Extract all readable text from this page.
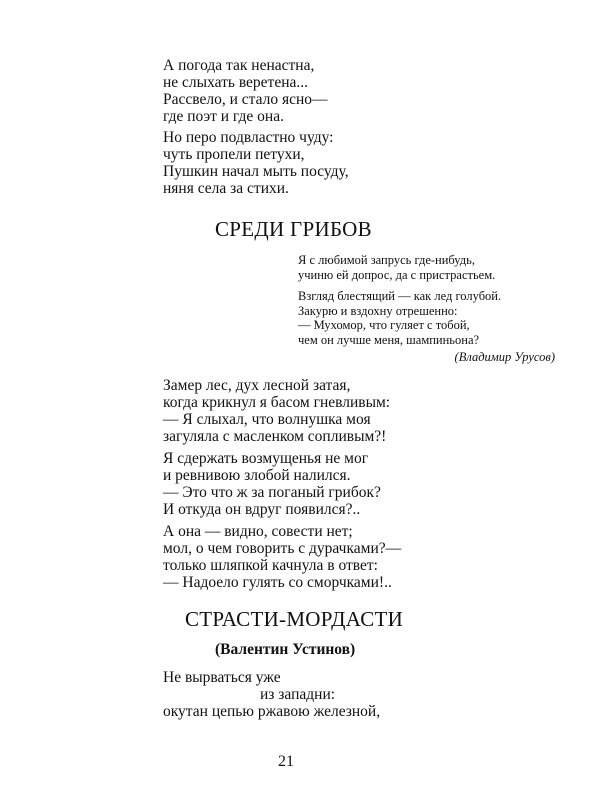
А погода так ненастна,
не слыхать веретена...
Рассвело, и стало ясно—
где поэт и где она.
Но перо подвластно чуду:
чуть пропели петухи,
Пушкин начал мыть посуду,
няня села за стихи.
СРЕДИ ГРИБОВ
Я с любимой запрусь где-нибудь,
учиню ей допрос, да с пристрастьем.
Взгляд блестящий — как лед голубой.
Закурю и вздохну отрешенно:
— Мухомор, что гуляет с тобой,
чем он лучше меня, шампиньона?
(Владимир Урусов)
Замер лес, дух лесной затая,
когда крикнул я басом гневливым:
— Я слыхал, что волнушка моя
загуляла с масленком сопливым?!
Я сдержать возмущенья не мог
и ревнивою злобой налился.
— Это что ж за поганый грибок?
И откуда он вдруг появился?..
А она — видно, совести нет;
мол, о чем говорить с дурачками?—
только шляпкой качнула в ответ:
— Надоело гулять со сморчками!..
СТРАСТИ-МОРДАСТИ
(Валентин Устинов)
Не вырваться уже
из западни:
окутан цепью ржавою железной,
21
